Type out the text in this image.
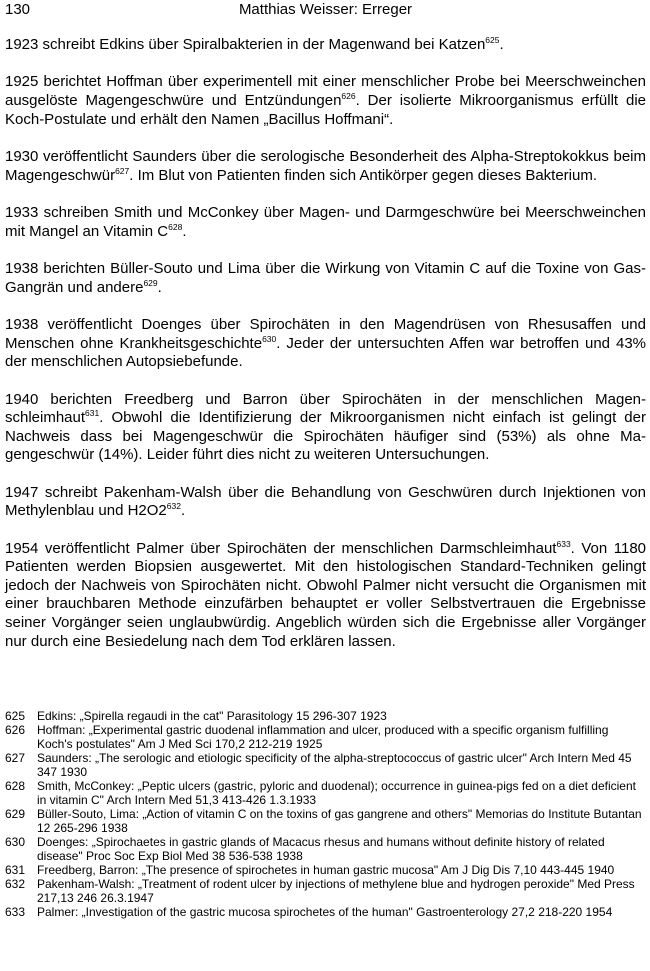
130	Matthias Weisser: Erreger

1923 schreibt Edkins über Spiralbakterien in der Magenwand bei Katzen$^{625}$.

1925 berichtet Hoffman über experimentell mit einer menschlicher Probe bei Meerschweinchen ausgelöste Magengeschwüre und Entzündungen$^{626}$. Der isolierte Mikroorganismus erfüllt die Koch-Postulate und erhält den Namen „Bacillus Hoffmani“.

1930 veröffentlicht Saunders über die serologische Besonderheit des Alpha-Streptokokkus beim Magengeschwür$^{627}$. Im Blut von Patienten finden sich Antikörper gegen dieses Bakterium.

1933 schreiben Smith und McConkey über Magen- und Darmgeschwüre bei Meerschweinchen mit Mangel an Vitamin $C^{628}$.

1938 berichten Büller-Souto und Lima über die Wirkung von Vitamin C auf die Toxine von Gas-Gangrän und andere$^{629}$.

1938 veröffentlicht Doenges über Spirochäten in den Magendrüsen von Rhesusaffen und Menschen ohne Krankheitsgeschichte$^{630}$. Jeder der untersuchten Affen war betroffen und 43% der menschlichen Autopsiebefunde.

1940 berichten Freedberg und Barron über Spirochäten in der menschlichen Magenschleimhaut$^{631}$. Obwohl die Identifizierung der Mikroorganismen nicht einfach ist gelingt der Nachweis dass bei Magengeschwür die Spirochäten häufiger sind (53%) als ohne Magengeschwür (14%). Leider führt dies nicht zu weiteren Untersuchungen.

1947 schreibt Pakenham-Walsh über die Behandlung von Geschwüren durch Injektionen von Methylenblau und $H2O2^{632}$.

1954 veröffentlicht Palmer über Spirochäten der menschlichen Darmschleimhaut$^{633}$. Von 1180 Patienten werden Biopsien ausgewertet. Mit den histologischen Standard-Techniken gelingt jedoch der Nachweis von Spirochäten nicht. Obwohl Palmer nicht versucht die Organismen mit einer brauchbaren Methode einzufärben behauptet er voller Selbstvertrauen die Ergebnisse seiner Vorgänger seien unglaubwürdig. Angeblich würden sich die Ergebnisse aller Vorgänger nur durch eine Besiedelung nach dem Tod erklären lassen.

625 Edkins: „Spirella regaudi in the cat" Parasitology 15 296-307 1923
626 Hoffman: „Experimental gastric duodenal inflammation and ulcer, produced with a specific organism fulfilling Koch's postulates" Am J Med Sci 170,2 212-219 1925
627 Saunders: „The serologic and etiologic specificity of the alpha-streptococcus of gastric ulcer" Arch Intern Med 45 347 1930
628 Smith, McConkey: „Peptic ulcers (gastric, pyloric and duodenal); occurrence in guinea-pigs fed on a diet deficient in vitamin C" Arch Intern Med 51,3 413-426 1.3.1933
629 Büller-Souto, Lima: „Action of vitamin C on the toxins of gas gangrene and others" Memorias do Institute Butantan 12 265-296 1938
630 Doenges: „Spirochaetes in gastric glands of Macacus rhesus and humans without definite history of related disease" Proc Soc Exp Biol Med 38 536-538 1938
631 Freedberg, Barron: „The presence of spirochetes in human gastric mucosa" Am J Dig Dis 7,10 443-445 1940
632 Pakenham-Walsh: „Treatment of rodent ulcer by injections of methylene blue and hydrogen peroxide" Med Press 217,13 246 26.3.1947
633 Palmer: „Investigation of the gastric mucosa spirochetes of the human" Gastroenterology 27,2 218-220 1954
